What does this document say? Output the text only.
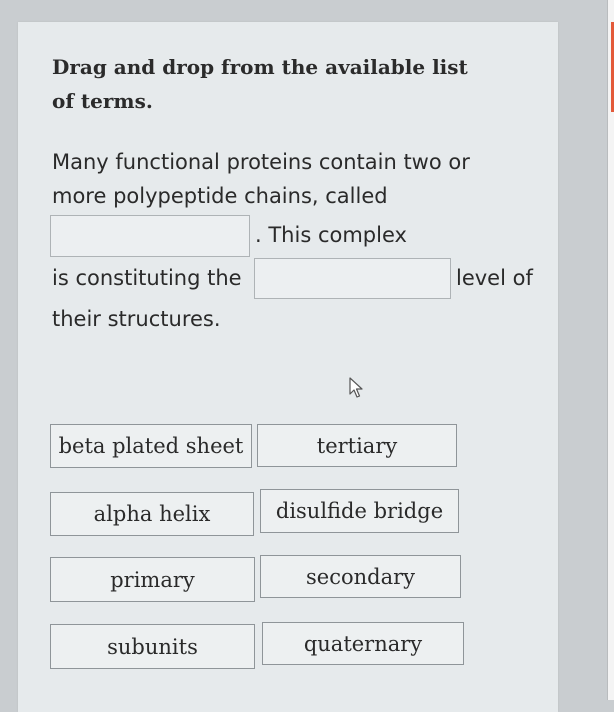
Drag and drop from the available list of terms.
Many functional proteins contain two or
more polypeptide chains, called
. This complex
is constituting the	level of
their structures.
beta plated sheet	tertiary
alpha helix	disulfide bridge
primary	secondary
subunits	quaternary
